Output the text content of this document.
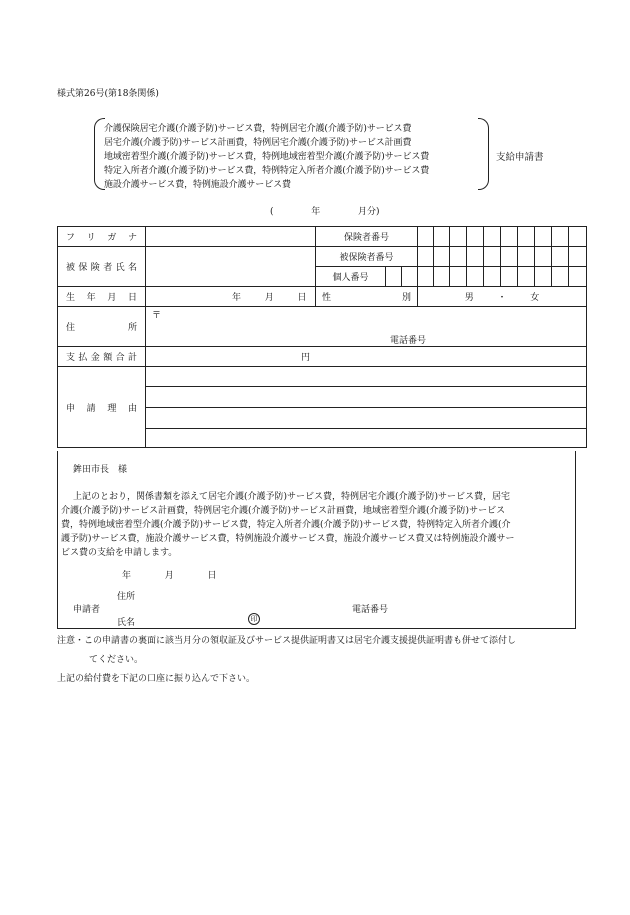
様式第26号(第18条関係)
介護保険居宅介護(介護予防)サービス費，特例居宅介護(介護予防)サービス費
居宅介護(介護予防)サービス計画費，特例居宅介護(介護予防)サービス計画費
地域密着型介護(介護予防)サービス費，特例地域密着型介護(介護予防)サービス費
特定入所者介護(介護予防)サービス費，特例特定入所者介護(介護予防)サービス費
施設介護サービス費，特例施設介護サービス費
支給申請書
(	年	月分)
フ リ ガ ナ		保険者番号												
被保険者氏名		被保険者番号												
		個人番号												
生 年 月 日	年 月 日	性 別			男 ・ 女									
住 所	〒
電話番号													

支払金額合計	円													
申 請 理 由														

鉾田市長　様
上記のとおり，関係書類を添えて居宅介護(介護予防)サービス費，特例居宅介護(介護予防)サービス費，居宅
介護(介護予防)サービス計画費，特例居宅介護(介護予防)サービス計画費，地域密着型介護(介護予防)サービス
費，特例地域密着型介護(介護予防)サービス費，特定入所者介護(介護予防)サービス費，特例特定入所者介護(介
護予防)サービス費，施設介護サービス費，特例施設介護サービス費，施設介護サービス費又は特例施設介護サー
ビス費の支給を申請します。
年	月	日
住所
申請者
氏名	印
電話番号
注意・この申請書の裏面に該当月分の領収証及びサービス提供証明書又は居宅介護支援提供証明書も併せて添付し
てください。
上記の給付費を下記の口座に振り込んで下さい。
